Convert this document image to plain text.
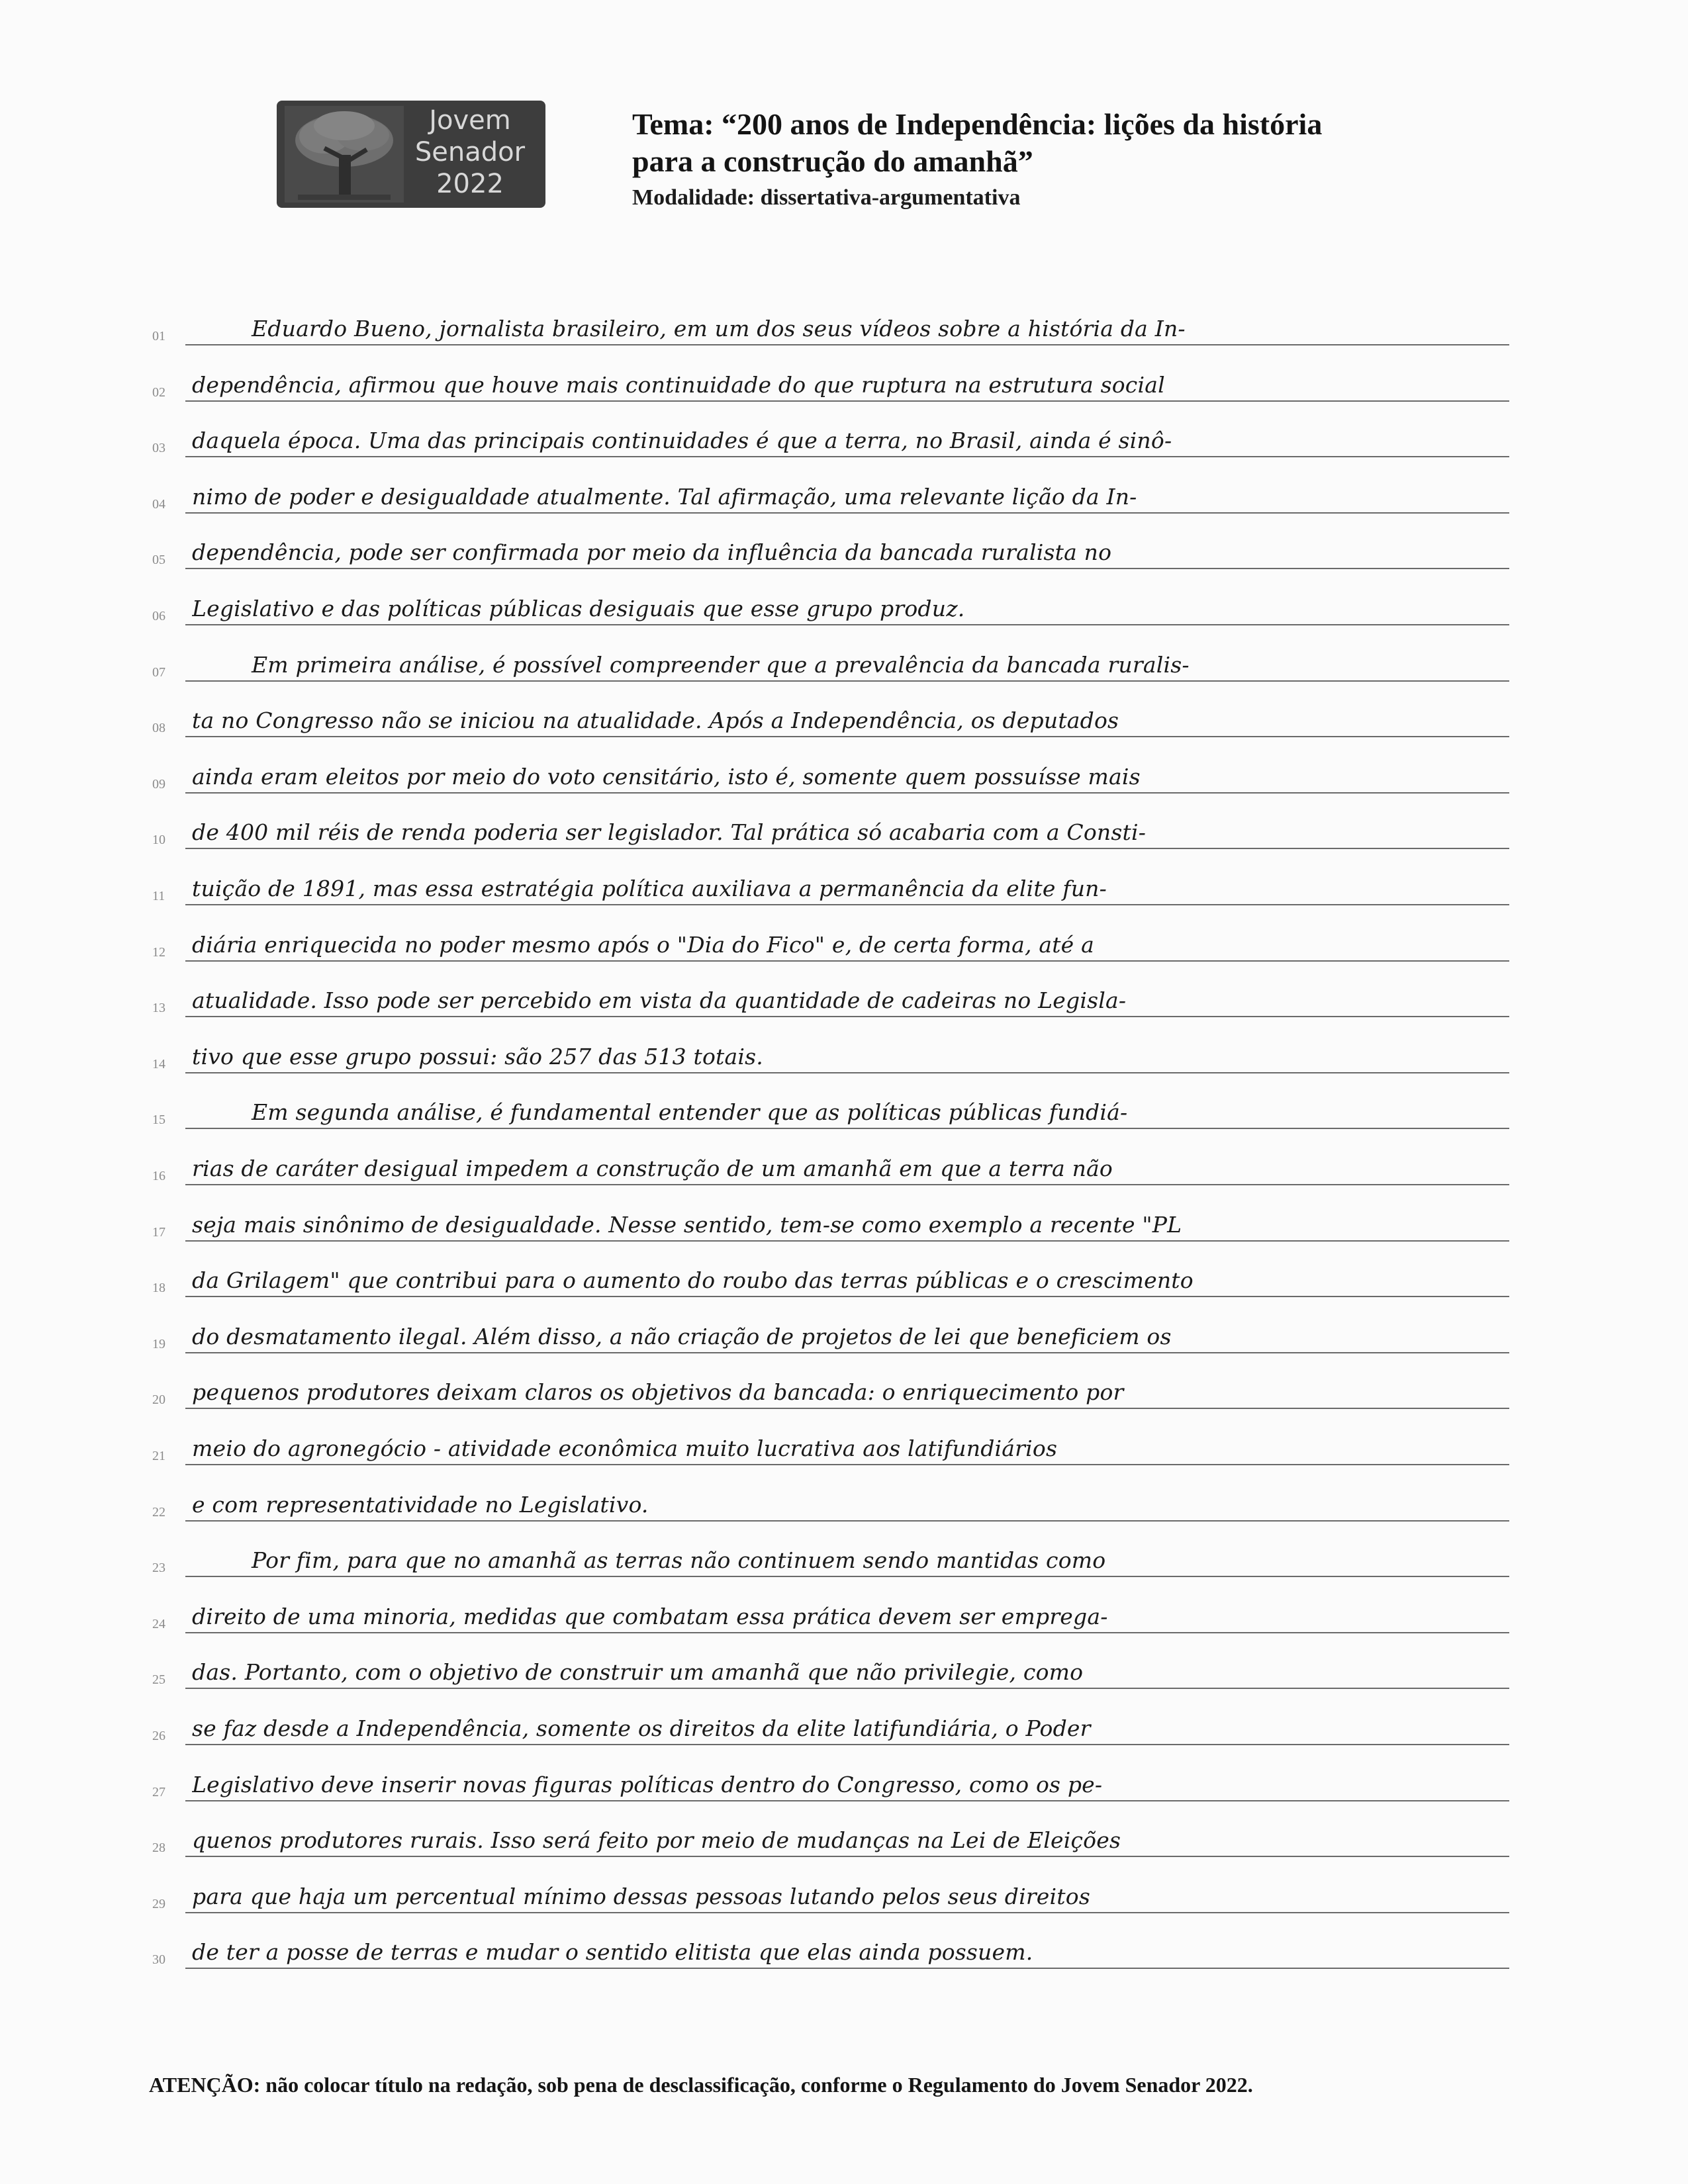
Jovem
Senador
2022
Tema: “200 anos de Independência: lições da história
para a construção do amanhã”
Modalidade: dissertativa-argumentativa
01	Eduardo Bueno, jornalista brasileiro, em um dos seus vídeos sobre a história da In-
02	dependência, afirmou que houve mais continuidade do que ruptura na estrutura social
03	daquela época. Uma das principais continuidades é que a terra, no Brasil, ainda é sinô-
04	nimo de poder e desigualdade atualmente. Tal afirmação, uma relevante lição da In-
05	dependência, pode ser confirmada por meio da influência da bancada ruralista no
06	Legislativo e das políticas públicas desiguais que esse grupo produz.
07	Em primeira análise, é possível compreender que a prevalência da bancada ruralis-
08	ta no Congresso não se iniciou na atualidade. Após a Independência, os deputados
09	ainda eram eleitos por meio do voto censitário, isto é, somente quem possuísse mais
10	de 400 mil réis de renda poderia ser legislador. Tal prática só acabaria com a Consti-
11	tuição de 1891, mas essa estratégia política auxiliava a permanência da elite fun-
12	diária enriquecida no poder mesmo após o "Dia do Fico" e, de certa forma, até a
13	atualidade. Isso pode ser percebido em vista da quantidade de cadeiras no Legisla-
14	tivo que esse grupo possui: são 257 das 513 totais.
15	Em segunda análise, é fundamental entender que as políticas públicas fundiá-
16	rias de caráter desigual impedem a construção de um amanhã em que a terra não
17	seja mais sinônimo de desigualdade. Nesse sentido, tem-se como exemplo a recente "PL
18	da Grilagem" que contribui para o aumento do roubo das terras públicas e o crescimento
19	do desmatamento ilegal. Além disso, a não criação de projetos de lei que beneficiem os
20	pequenos produtores deixam claros os objetivos da bancada: o enriquecimento por
21	meio do agronegócio - atividade econômica muito lucrativa aos latifundiários
22	e com representatividade no Legislativo.
23	Por fim, para que no amanhã as terras não continuem sendo mantidas como
24	direito de uma minoria, medidas que combatam essa prática devem ser emprega-
25	das. Portanto, com o objetivo de construir um amanhã que não privilegie, como
26	se faz desde a Independência, somente os direitos da elite latifundiária, o Poder
27	Legislativo deve inserir novas figuras políticas dentro do Congresso, como os pe-
28	quenos produtores rurais. Isso será feito por meio de mudanças na Lei de Eleições
29	para que haja um percentual mínimo dessas pessoas lutando pelos seus direitos
30	de ter a posse de terras e mudar o sentido elitista que elas ainda possuem.
ATENÇÃO: não colocar título na redação, sob pena de desclassificação, conforme o Regulamento do Jovem Senador 2022.
